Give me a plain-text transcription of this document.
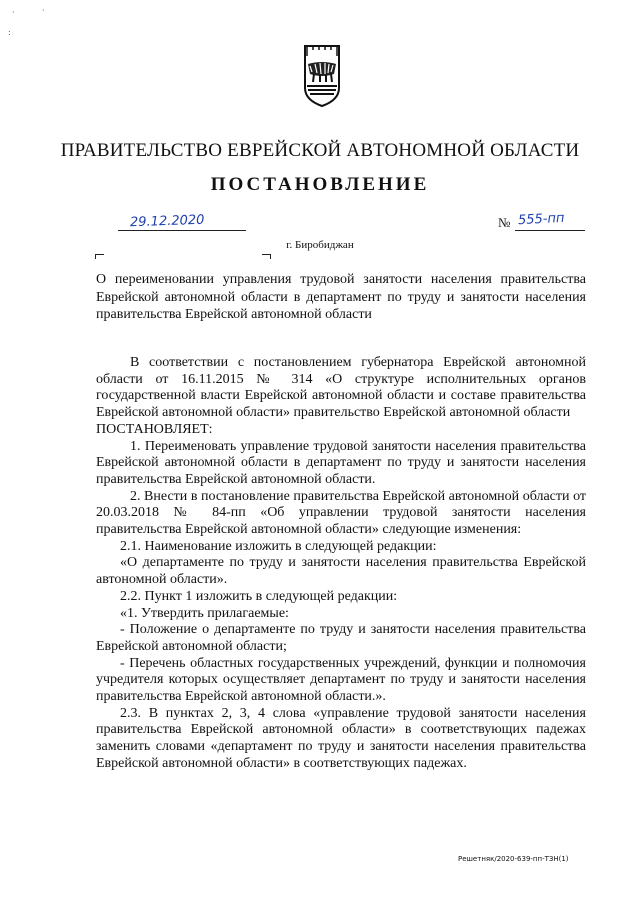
·	·
:
ПРАВИТЕЛЬСТВО ЕВРЕЙСКОЙ АВТОНОМНОЙ ОБЛАСТИ
ПОСТАНОВЛЕНИЕ
29.12.2020	№ 555-пп
г. Биробиджан
О переименовании управления трудовой занятости населения правительства Еврейской автономной области в департамент по труду и занятости населения правительства Еврейской автономной области

В соответствии с постановлением губернатора Еврейской автономной области от 16.11.2015 № 314 «О структуре исполнительных органов государственной власти Еврейской автономной области и составе правительства Еврейской автономной области» правительство Еврейской автономной области

ПОСТАНОВЛЯЕТ:

1. Переименовать управление трудовой занятости населения правительства Еврейской автономной области в департамент по труду и занятости населения правительства Еврейской автономной области.

2. Внести в постановление правительства Еврейской автономной области от 20.03.2018 № 84-пп «Об управлении трудовой занятости населения правительства Еврейской автономной области» следующие изменения:

2.1. Наименование изложить в следующей редакции:

«О департаменте по труду и занятости населения правительства Еврейской автономной области».

2.2. Пункт 1 изложить в следующей редакции:

«1. Утвердить прилагаемые:

- Положение о департаменте по труду и занятости населения правительства Еврейской автономной области;

- Перечень областных государственных учреждений, функции и полномочия учредителя которых осуществляет департамент по труду и занятости населения правительства Еврейской автономной области.».

2.3. В пунктах 2, 3, 4 слова «управление трудовой занятости населения правительства Еврейской автономной области» в соответствующих падежах заменить словами «департамент по труду и занятости населения правительства Еврейской автономной области» в соответствующих падежах.

Решетняк/2020-639-пп-ТЗН(1)
